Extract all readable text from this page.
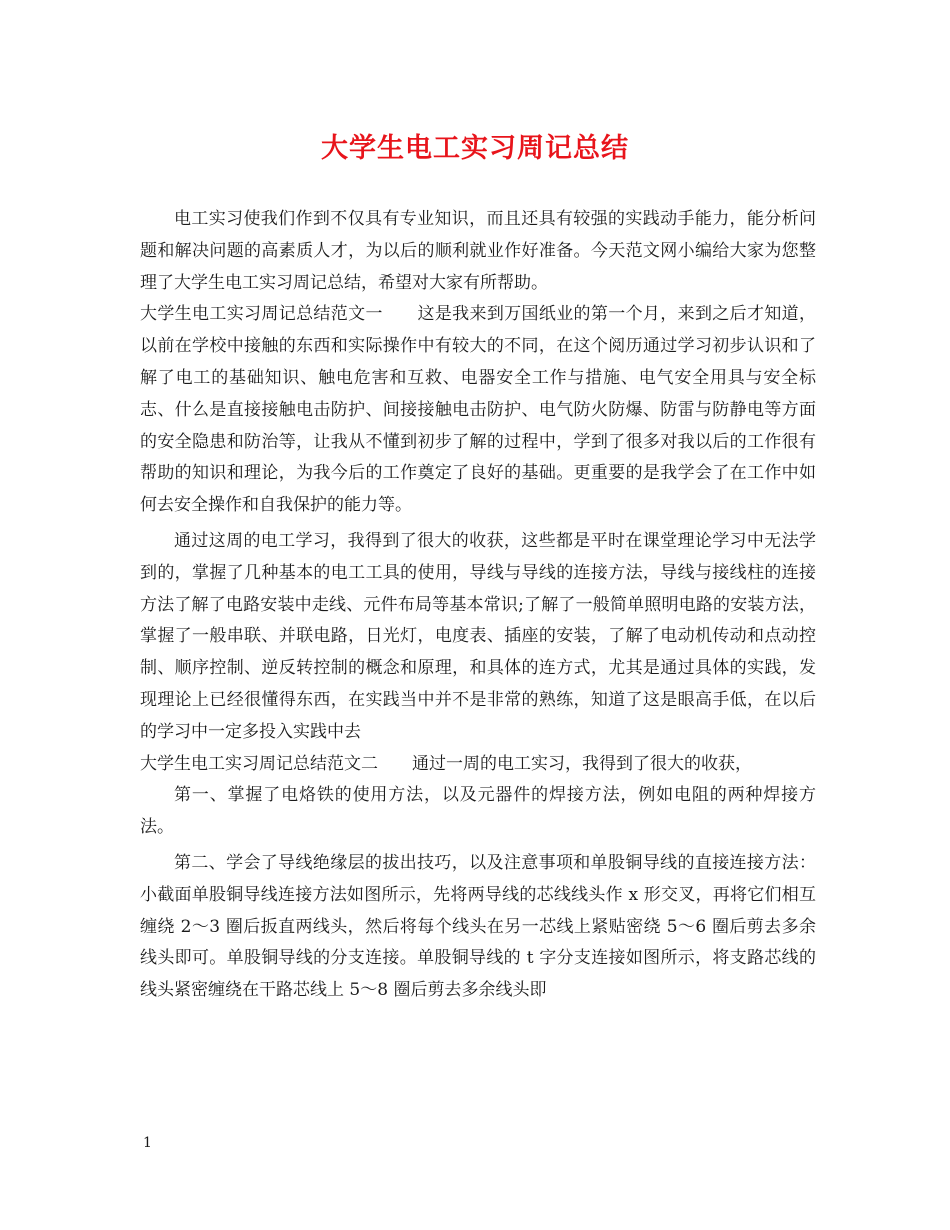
大学生电工实习周记总结

电工实习使我们作到不仅具有专业知识，而且还具有较强的实践动手能力，能分析问题和解决问题的高素质人才，为以后的顺利就业作好准备。今天范文网小编给大家为您整理了大学生电工实习周记总结，希望对大家有所帮助。

大学生电工实习周记总结范文一　　这是我来到万国纸业的第一个月，来到之后才知道，以前在学校中接触的东西和实际操作中有较大的不同，在这个阅历通过学习初步认识和了解了电工的基础知识、触电危害和互救、电器安全工作与措施、电气安全用具与安全标志、什么是直接接触电击防护、间接接触电击防护、电气防火防爆、防雷与防静电等方面的安全隐患和防治等，让我从不懂到初步了解的过程中，学到了很多对我以后的工作很有帮助的知识和理论，为我今后的工作奠定了良好的基础。更重要的是我学会了在工作中如何去安全操作和自我保护的能力等。

通过这周的电工学习，我得到了很大的收获，这些都是平时在课堂理论学习中无法学到的，掌握了几种基本的电工工具的使用，导线与导线的连接方法，导线与接线柱的连接方法了解了电路安装中走线、元件布局等基本常识;了解了一般简单照明电路的安装方法，掌握了一般串联、并联电路，日光灯，电度表、插座的安装，了解了电动机传动和点动控制、顺序控制、逆反转控制的概念和原理，和具体的连方式，尤其是通过具体的实践，发现理论上已经很懂得东西，在实践当中并不是非常的熟练，知道了这是眼高手低，在以后的学习中一定多投入实践中去

大学生电工实习周记总结范文二　　通过一周的电工实习，我得到了很大的收获，

第一、掌握了电烙铁的使用方法，以及元器件的焊接方法，例如电阻的两种焊接方法。

第二、学会了导线绝缘层的拔出技巧，以及注意事项和单股铜导线的直接连接方法：小截面单股铜导线连接方法如图所示，先将两导线的芯线线头作 x 形交叉，再将它们相互缠绕 2～3 圈后扳直两线头，然后将每个线头在另一芯线上紧贴密绕 5～6 圈后剪去多余线头即可。单股铜导线的分支连接。单股铜导线的 t 字分支连接如图所示，将支路芯线的线头紧密缠绕在干路芯线上 5～8 圈后剪去多余线头即

1
